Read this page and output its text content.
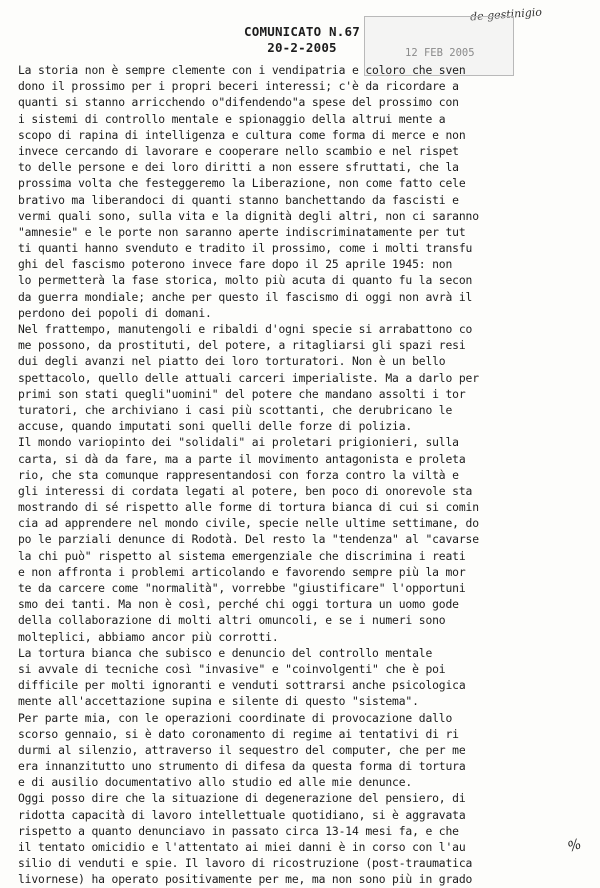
de gestinigio
12 FEB 2005
COMUNICATO N.67
20-2-2005
La storia non è sempre clemente con i vendipatria e coloro che sven
dono il prossimo per i propri beceri interessi; c'è da ricordare a
quanti si stanno arricchendo o"difendendo"a spese del prossimo con
i sistemi di controllo mentale e spionaggio della altrui mente a
scopo di rapina di intelligenza e cultura come forma di merce e non
invece cercando di lavorare e cooperare nello scambio e nel rispet
to delle persone e dei loro diritti a non essere sfruttati, che la
prossima volta che festeggeremo la Liberazione, non come fatto cele
brativo ma liberandoci di quanti stanno banchettando da fascisti e
vermi quali sono, sulla vita e la dignità degli altri, non ci saranno
"amnesie" e le porte non saranno aperte indiscriminatamente per tut
ti quanti hanno svenduto e tradito il prossimo, come i molti transfu
ghi del fascismo poterono invece fare dopo il 25 aprile 1945: non
lo permetterà la fase storica, molto più acuta di quanto fu la secon
da guerra mondiale; anche per questo il fascismo di oggi non avrà il
perdono dei popoli di domani.
Nel frattempo, manutengoli e ribaldi d'ogni specie si arrabattono co
me possono, da prostituti, del potere, a ritagliarsi gli spazi resi
dui degli avanzi nel piatto dei loro torturatori. Non è un bello
spettacolo, quello delle attuali carceri imperialiste. Ma a darlo per
primi son stati quegli"uomini" del potere che mandano assolti i tor
turatori, che archiviano i casi più scottanti, che derubricano le
accuse, quando imputati soni quelli delle forze di polizia.
Il mondo variopinto dei "solidali" ai proletari prigionieri, sulla
carta, si dà da fare, ma a parte il movimento antagonista e proleta
rio, che sta comunque rappresentandosi con forza contro la viltà e
gli interessi di cordata legati al potere, ben poco di onorevole sta
mostrando di sé rispetto alle forme di tortura bianca di cui si comin
cia ad apprendere nel mondo civile, specie nelle ultime settimane, do
po le parziali denunce di Rodotà. Del resto la "tendenza" al "cavarse
la chi può" rispetto al sistema emergenziale che discrimina i reati
e non affronta i problemi articolando e favorendo sempre più la mor
te da carcere come "normalità", vorrebbe "giustificare" l'opportuni
smo dei tanti. Ma non è così, perché chi oggi tortura un uomo gode
della collaborazione di molti altri omuncoli, e se i numeri sono
molteplici, abbiamo ancor più corrotti.
La tortura bianca che subisco e denuncio del controllo mentale
si avvale di tecniche così "invasive" e "coinvolgenti" che è poi
difficile per molti ignoranti e venduti sottrarsi anche psicologica
mente all'accettazione supina e silente di questo "sistema".
Per parte mia, con le operazioni coordinate di provocazione dallo
scorso gennaio, si è dato coronamento di regime ai tentativi di ri
durmi al silenzio, attraverso il sequestro del computer, che per me
era innanzitutto uno strumento di difesa da questa forma di tortura
e di ausilio documentativo allo studio ed alle mie denunce.
Oggi posso dire che la situazione di degenerazione del pensiero, di
ridotta capacità di lavoro intellettuale quotidiano, si è aggravata
rispetto a quanto denunciavo in passato circa 13-14 mesi fa, e che
il tentato omicidio e l'attentato ai miei danni è in corso con l'au
silio di venduti e spie. Il lavoro di ricostruzione (post-traumatica
livornese) ha operato positivamente per me, ma non sono più in grado
%
